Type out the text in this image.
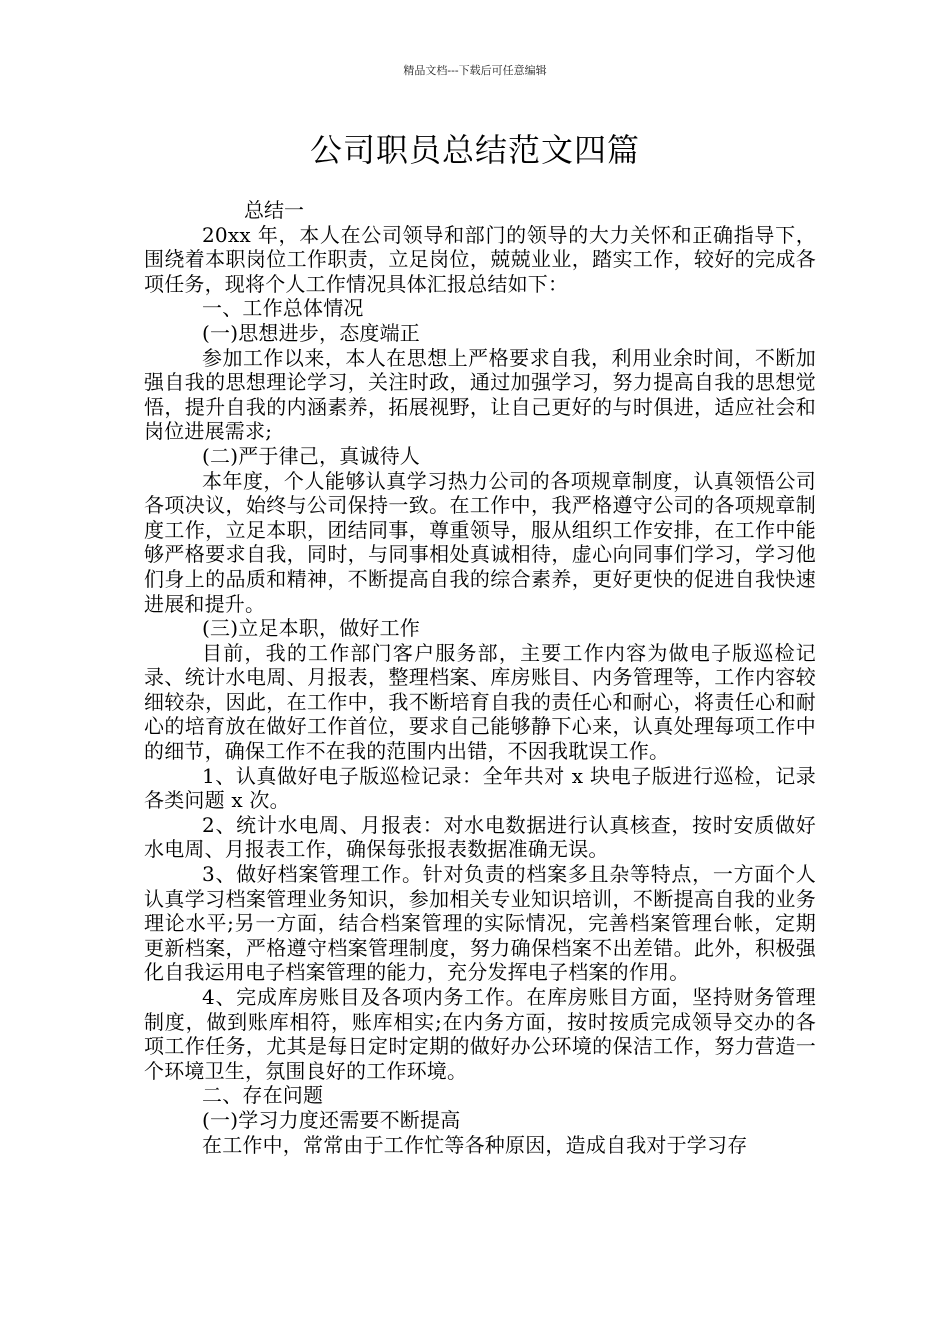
精品文档---下载后可任意编辑
公司职员总结范文四篇

总结一

20xx 年，本人在公司领导和部门的领导的大力关怀和正确指导下，围绕着本职岗位工作职责，立足岗位，兢兢业业，踏实工作，较好的完成各项任务，现将个人工作情况具体汇报总结如下：

一、工作总体情况

(一)思想进步，态度端正

参加工作以来，本人在思想上严格要求自我，利用业余时间，不断加强自我的思想理论学习，关注时政，通过加强学习，努力提高自我的思想觉悟，提升自我的内涵素养，拓展视野，让自己更好的与时俱进，适应社会和岗位进展需求;

(二)严于律己，真诚待人

本年度，个人能够认真学习热力公司的各项规章制度，认真领悟公司各项决议，始终与公司保持一致。在工作中，我严格遵守公司的各项规章制度工作，立足本职，团结同事，尊重领导，服从组织工作安排，在工作中能够严格要求自我，同时，与同事相处真诚相待，虚心向同事们学习，学习他们身上的品质和精神，不断提高自我的综合素养，更好更快的促进自我快速进展和提升。

(三)立足本职，做好工作

目前，我的工作部门客户服务部，主要工作内容为做电子版巡检记录、统计水电周、月报表，整理档案、库房账目、内务管理等，工作内容较细较杂，因此，在工作中，我不断培育自我的责任心和耐心，将责任心和耐心的培育放在做好工作首位，要求自己能够静下心来，认真处理每项工作中的细节，确保工作不在我的范围内出错，不因我耽误工作。

1、认真做好电子版巡检记录：全年共对 x 块电子版进行巡检，记录各类问题 x 次。

2、统计水电周、月报表：对水电数据进行认真核查，按时安质做好水电周、月报表工作，确保每张报表数据准确无误。

3、做好档案管理工作。针对负责的档案多且杂等特点，一方面个人认真学习档案管理业务知识，参加相关专业知识培训，不断提高自我的业务理论水平;另一方面，结合档案管理的实际情况，完善档案管理台帐，定期更新档案，严格遵守档案管理制度，努力确保档案不出差错。此外，积极强化自我运用电子档案管理的能力，充分发挥电子档案的作用。

4、完成库房账目及各项内务工作。在库房账目方面，坚持财务管理制度，做到账库相符，账库相实;在内务方面，按时按质完成领导交办的各项工作任务，尤其是每日定时定期的做好办公环境的保洁工作，努力营造一个环境卫生，氛围良好的工作环境。

二、存在问题

(一)学习力度还需要不断提高

在工作中，常常由于工作忙等各种原因，造成自我对于学习存
